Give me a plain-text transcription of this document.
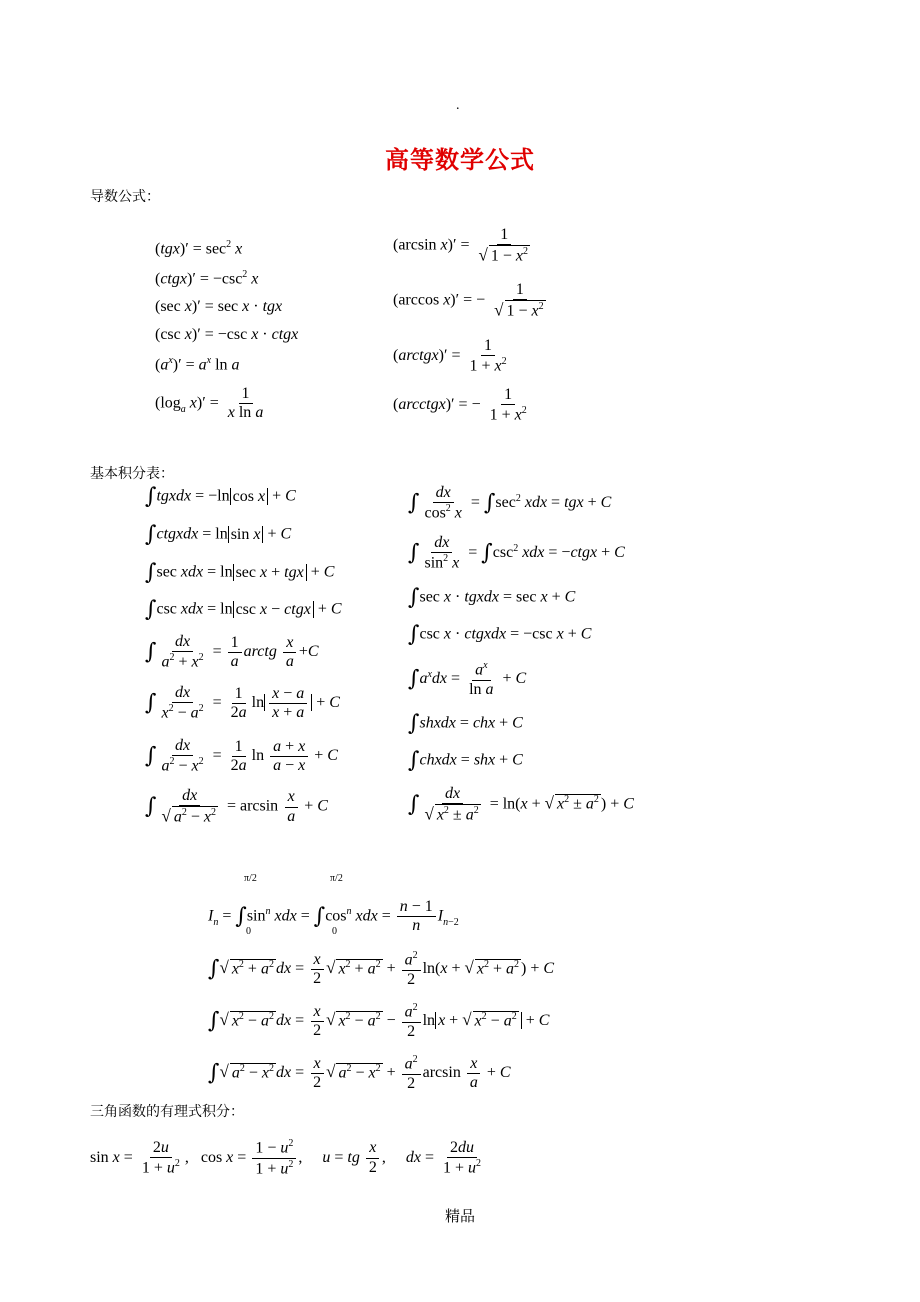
.
高等数学公式
导数公式：
$(tgx)' = \sec^2 x$
(ctgx)′ = $-\csc^2$ x
(sec x)′ = sec x · tgx
(csc x)′ = −csc x · ctgx
$(a^x)' = a^x$ ln a
($\log_a$ $x)' = \frac{1}{\text{x ln a}}$
(arcsin $x)' = \frac{1}{√ 1 - x^2}$
(arccos x)′ = − $\frac{1}{√ 1 - x^2}$
(arctgx)′ = $\frac{1}{1 + x^2}$
(arcctgx)′ = − $\frac{1}{1 + x^2}$
基本积分表：
∫tgxdx = −ln cos x + C
∫ctgxdx = ln sin x + C
∫sec xdx = ln sec x + tgx + C
∫csc xdx = ln csc x − ctgx + C
∫ $\frac{dx}{a^2 + x^2} = \frac{1}{a}$ arctg $\frac{x}{a} +C$
∫ $\frac{dx}{x^2 - a^2} = \frac{1}{2a}$ $\ln \frac{x - a}{x + a} + C$
∫ $\frac{dx}{a^2 - x^2} = \frac{1}{2a}$ $\ln \frac{a + x}{a - x} + C$
∫ $\frac{dx}{√ a^2 - x^2} = \arcsin \frac{x}{a} + C$
∫ $\frac{dx}{\cos^2 x} = \int\sec^2$ xdx = tgx + C
∫ $\frac{dx}{\sin^2 x} = \int\csc^2$ xdx = −ctgx + C
∫sec x · tgxdx = sec x + C
∫csc x · ctgxdx = −csc x + C
$\int a^xdx = \frac{a^x}{\text{ln a}} + C$
∫shxdx = chx + C
∫chxdx = shx + C
∫ $\frac{dx}{√ x^2 \pm a^2} = \ln(x$ + √ $x^2 \pm a^2$ ) + C
$I_n = \int\sin^n$ xdx = $\int\cos^n$ xdx = $\frac{n - 1}{n} I_{n-2}$
π/2
0
π/2
0
∫√ $x^2 + a^2$ dx = $\frac{x}{2}$ √ $x^2 + a^2 + \frac{a^2}{2} \ln(x$ + √ $x^2 + a^2$ ) + C
∫√ $x^2 - a^2$ dx = $\frac{x}{2}$ √ $x^2 - a^2 - \frac{a^2}{2}$ ln x + √ $x^2 - a^2 + C$
∫√ $a^2 - x^2$ dx = $\frac{x}{2}$ √ $a^2 - x^2 + \frac{a^2}{2}$ $\arcsin \frac{x}{a} + C$
三角函数的有理式积分：
$\sin x = \frac{2u}{1 + u^2}$ ,   $\cos x = \frac{1 - u^2}{1 + u^2}$ ,     u = tg $\frac{x}{2}$ ,     dx = $\frac{2du}{1 + u^2}$
精品
